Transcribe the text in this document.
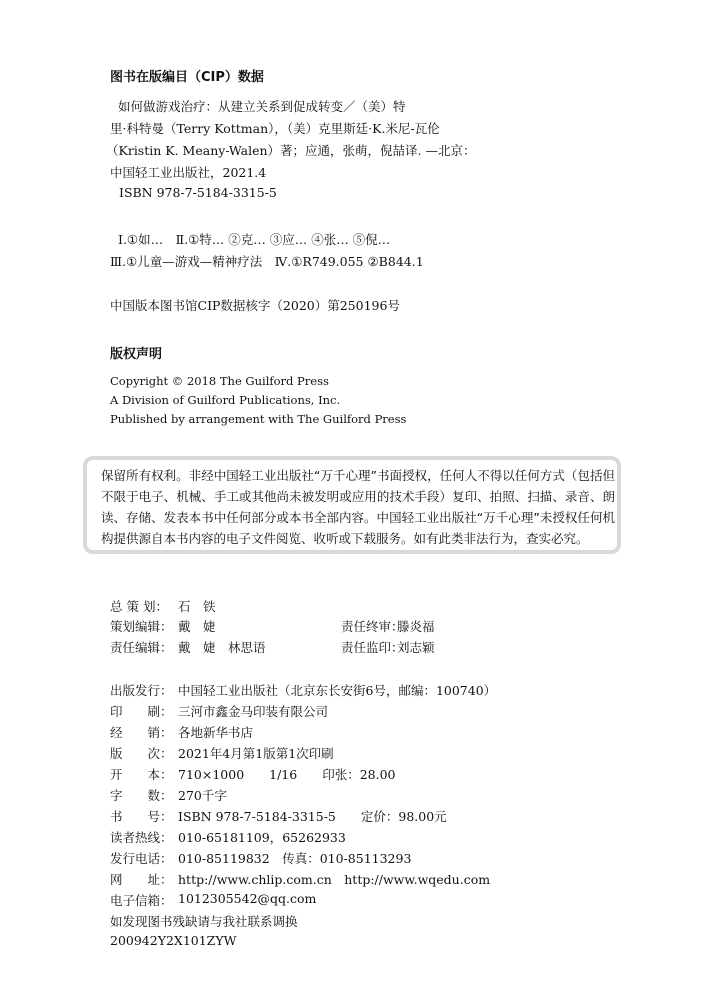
图书在版编目（CIP）数据
如何做游戏治疗：从建立关系到促成转变／（美）特
里·科特曼（Terry Kottman），（美）克里斯廷·K.米尼-瓦伦
（Kristin K. Meany-Walen）著；应通，张萌，倪喆译. —北京：
中国轻工业出版社，2021.4
ISBN 978-7-5184-3315-5
Ⅰ.①如…　Ⅱ.①特… ②克… ③应… ④张… ⑤倪…
Ⅲ.①儿童—游戏—精神疗法　Ⅳ.①R749.055 ②B844.1
中国版本图书馆CIP数据核字（2020）第250196号
版权声明
Copyright © 2018 The Guilford Press
A Division of Guilford Publications, Inc.
Published by arrangement with The Guilford Press
保留所有权利。非经中国轻工业出版社“万千心理”书面授权，任何人不得以任何方式（包括但不限于电子、机械、手工或其他尚未被发明或应用的技术手段）复印、拍照、扫描、录音、朗读、存储、发表本书中任何部分或本书全部内容。中国轻工业出版社“万千心理”未授权任何机构提供源自本书内容的电子文件阅览、收听或下载服务。如有此类非法行为，查实必究。
总 策 划： 石　铁
策划编辑： 戴　婕	责任终审：
滕炎福
责任编辑： 戴　婕　林思语	责任监印：
刘志颖
出版发行： 中国轻工业出版社（北京东长安街6号，邮编：100740）
印　　刷： 三河市鑫金马印装有限公司
经　　销： 各地新华书店
版　　次： 2021年4月第1版第1次印刷
开　　本： 710×1000　　1/16　　印张：28.00
字　　数： 270千字
书　　号： ISBN 978-7-5184-3315-5　　定价：98.00元
读者热线： 010-65181109，65262933
发行电话： 010-85119832　传真：010-85113293
网　　址： http://www.chlip.com.cn　http://www.wqedu.com
电子信箱： 1012305542@qq.com
如发现图书残缺请与我社联系调换
200942Y2X101ZYW
